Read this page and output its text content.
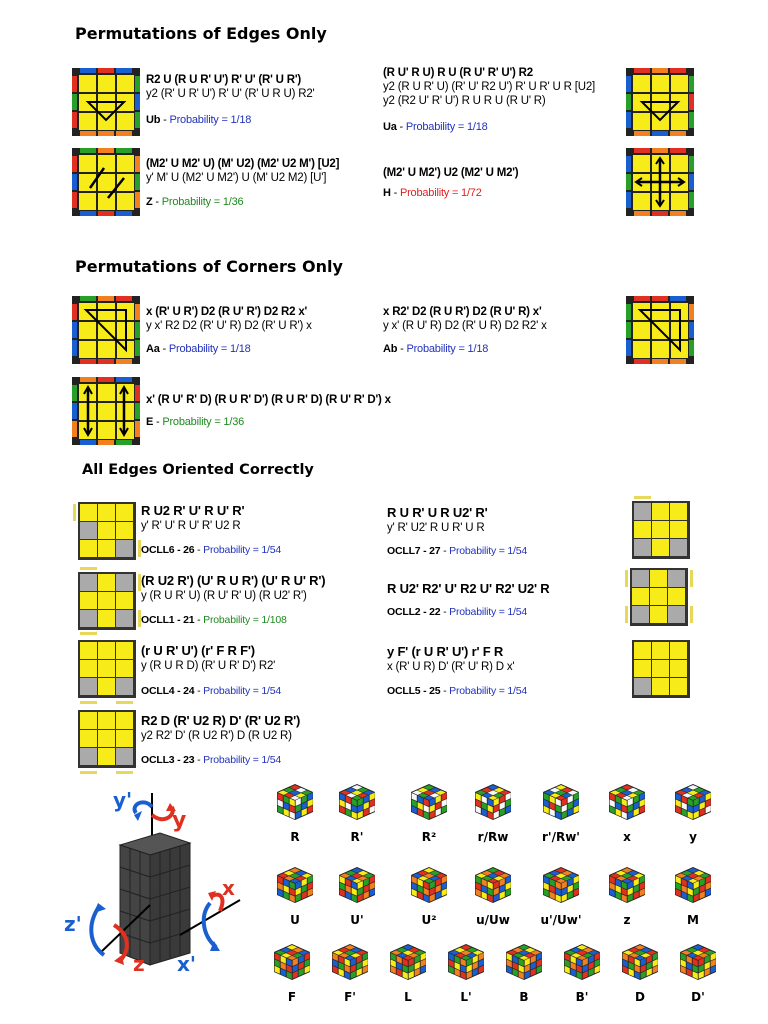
Permutations of Edges Only
R2 U (R U R' U') R' U' (R' U R')
y2 (R' U R' U') R' U' (R' U R U) R2'
Ub - Probability = 1/18
(R U' R U) R U (R U' R' U') R2
y2 (R U R' U) (R' U' R2 U') R' U R' U R [U2]
y2 (R2 U' R' U') R U R U (R U' R)
Ua - Probability = 1/18
(M2' U M2' U) (M' U2) (M2' U2 M') [U2]
y' M' U (M2' U M2') U (M' U2 M2) [U']
Z - Probability = 1/36
(M2' U M2') U2 (M2' U M2')
H - Probability = 1/72
Permutations of Corners Only
x (R' U R') D2 (R U' R') D2 R2 x'
y x' R2 D2 (R' U' R) D2 (R' U R') x
Aa - Probability = 1/18
x R2' D2 (R U R') D2 (R U' R) x'
y x' (R U' R) D2 (R' U R) D2 R2' x
Ab - Probability = 1/18
x' (R U' R' D) (R U R' D') (R U R' D) (R U' R' D') x
E - Probability = 1/36
All Edges Oriented Correctly
R U2 R' U' R U' R'
y' R' U' R U' R' U2 R
OCLL6 - 26 - Probability = 1/54
R U R' U R U2' R'
y' R' U2' R U R' U R
OCLL7 - 27 - Probability = 1/54
(R U2 R') (U' R U R') (U' R U' R')
y (R U R' U) (R U' R' U) (R U2' R')
OCLL1 - 21 - Probability = 1/108
R U2' R2' U' R2 U' R2' U2' R
OCLL2 - 22 - Probability = 1/54
(r U R' U') (r' F R F')
y (R U R D) (R' U R' D') R2'
OCLL4 - 24 - Probability = 1/54
y F' (r U R' U') r' F R
x (R' U R) D' (R' U' R) D x'
OCLL5 - 25 - Probability = 1/54
R2 D (R' U2 R) D' (R' U2 R')
y2 R2' D' (R U2 R') D (R U2 R)
OCLL3 - 23 - Probability = 1/54
y'
y
z'
z
x
x'
R	R'	R²	r/Rw	r'/Rw'	x	y
U	U'	U²	u/Uw	u'/Uw'	z	M
F	F'	L	L'	B	B'	D	D'
